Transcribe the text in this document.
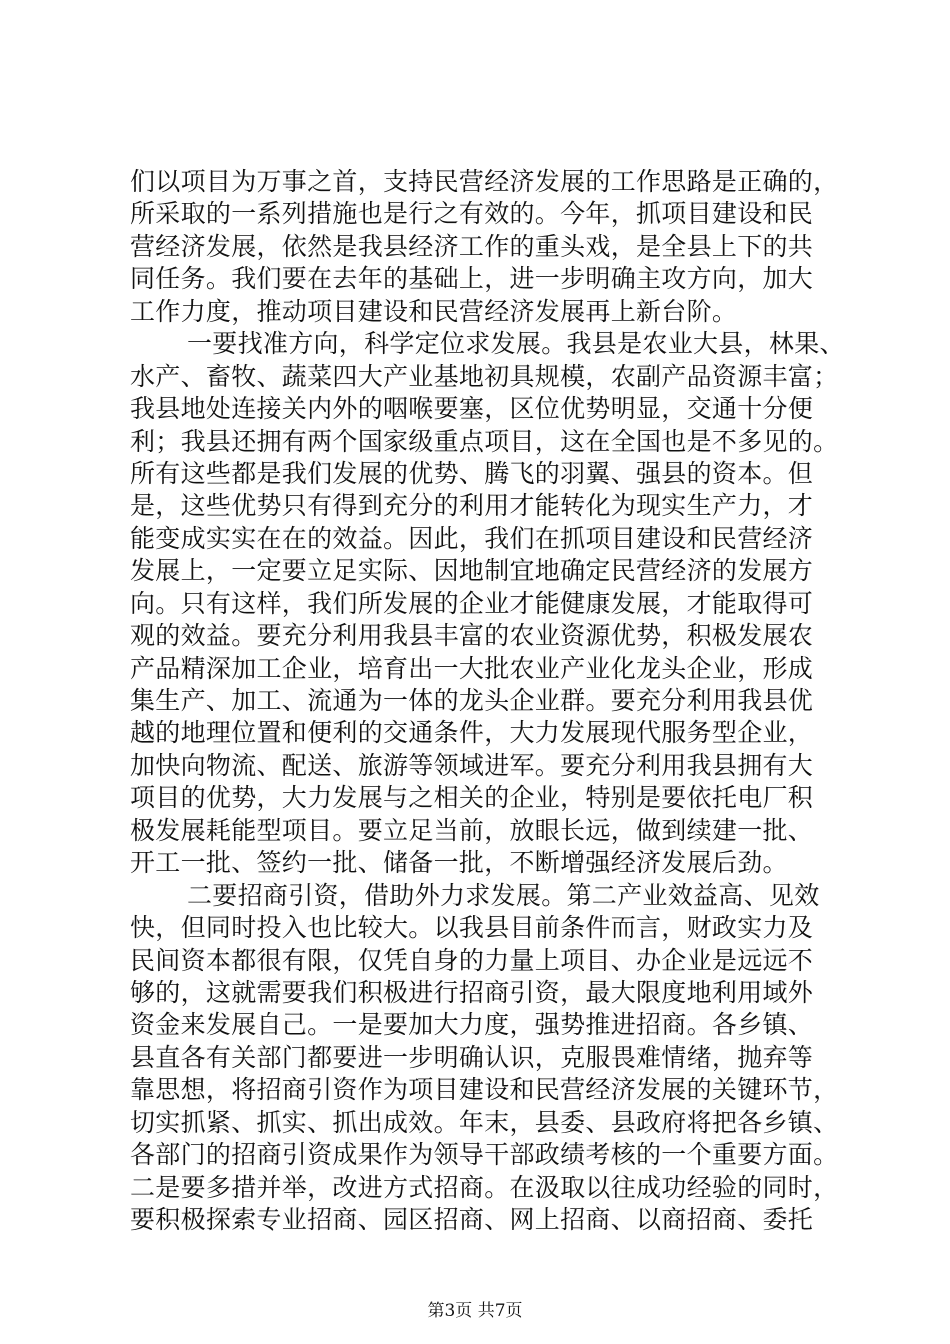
们以项目为万事之首，支持民营经济发展的工作思路是正确的，
所采取的一系列措施也是行之有效的。今年，抓项目建设和民
营经济发展，依然是我县经济工作的重头戏，是全县上下的共
同任务。我们要在去年的基础上，进一步明确主攻方向，加大
工作力度，推动项目建设和民营经济发展再上新台阶。
一要找准方向，科学定位求发展。我县是农业大县，林果、
水产、畜牧、蔬菜四大产业基地初具规模，农副产品资源丰富；
我县地处连接关内外的咽喉要塞，区位优势明显，交通十分便
利；我县还拥有两个国家级重点项目，这在全国也是不多见的。
所有这些都是我们发展的优势、腾飞的羽翼、强县的资本。但
是，这些优势只有得到充分的利用才能转化为现实生产力，才
能变成实实在在的效益。因此，我们在抓项目建设和民营经济
发展上，一定要立足实际、因地制宜地确定民营经济的发展方
向。只有这样，我们所发展的企业才能健康发展，才能取得可
观的效益。要充分利用我县丰富的农业资源优势，积极发展农
产品精深加工企业，培育出一大批农业产业化龙头企业，形成
集生产、加工、流通为一体的龙头企业群。要充分利用我县优
越的地理位置和便利的交通条件，大力发展现代服务型企业，
加快向物流、配送、旅游等领域进军。要充分利用我县拥有大
项目的优势，大力发展与之相关的企业，特别是要依托电厂积
极发展耗能型项目。要立足当前，放眼长远，做到续建一批、
开工一批、签约一批、储备一批，不断增强经济发展后劲。
二要招商引资，借助外力求发展。第二产业效益高、见效
快，但同时投入也比较大。以我县目前条件而言，财政实力及
民间资本都很有限，仅凭自身的力量上项目、办企业是远远不
够的，这就需要我们积极进行招商引资，最大限度地利用域外
资金来发展自己。一是要加大力度，强势推进招商。各乡镇、
县直各有关部门都要进一步明确认识，克服畏难情绪，抛弃等
靠思想，将招商引资作为项目建设和民营经济发展的关键环节，
切实抓紧、抓实、抓出成效。年末，县委、县政府将把各乡镇、
各部门的招商引资成果作为领导干部政绩考核的一个重要方面。
二是要多措并举，改进方式招商。在汲取以往成功经验的同时，
要积极探索专业招商、园区招商、网上招商、以商招商、委托
第3页 共7页
